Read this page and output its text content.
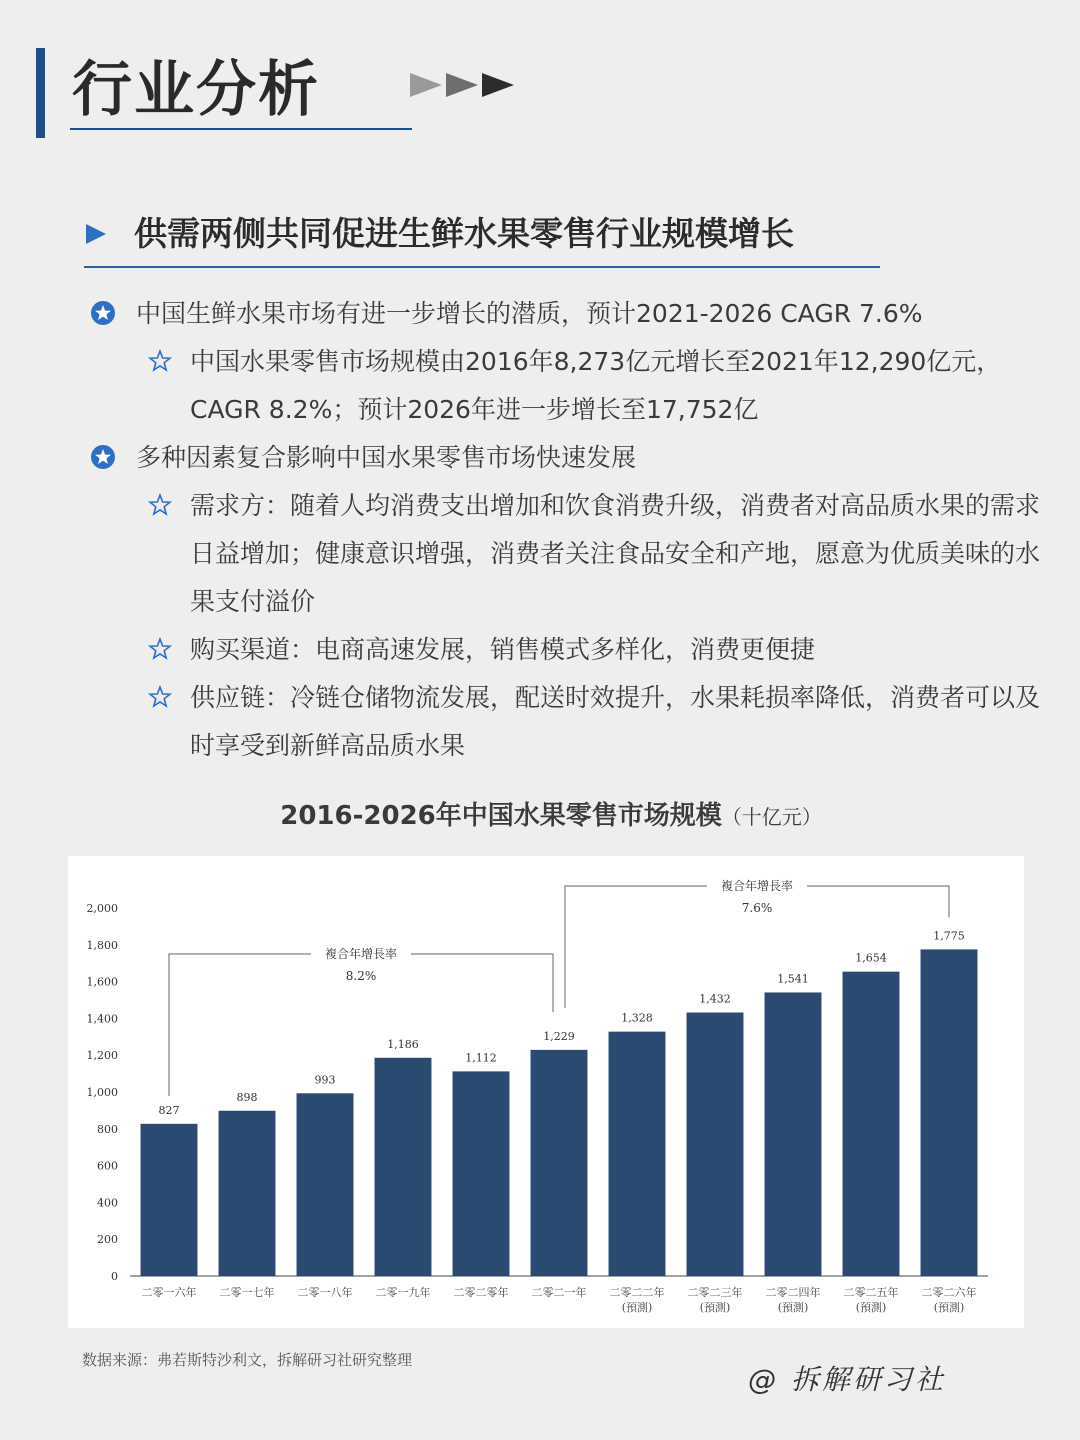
行业分析
供需两侧共同促进生鲜水果零售行业规模增长
中国生鲜水果市场有进一步增长的潜质，预计2021-2026 CAGR 7.6%
中国水果零售市场规模由2016年8,273亿元增长至2021年12,290亿元，CAGR 8.2%；预计2026年进一步增长至17,752亿
多种因素复合影响中国水果零售市场快速发展
需求方：随着人均消费支出增加和饮食消费升级，消费者对高品质水果的需求日益增加；健康意识增强，消费者关注食品安全和产地，愿意为优质美味的水果支付溢价
购买渠道：电商高速发展，销售模式多样化，消费更便捷
供应链：冷链仓储物流发展，配送时效提升，水果耗损率降低，消费者可以及时享受到新鲜高品质水果
2016-2026年中国水果零售市场规模（十亿元）
0
200
400
600
800
1,000
1,200
1,400
1,600
1,800
2,000
827
二零一六年
898
二零一七年
993
二零一八年
1,186
二零一九年
1,112
二零二零年
1,229
二零二一年
1,328
二零二二年
(預測)
1,432
二零二三年
(預測)
1,541
二零二四年
(預測)
1,654
二零二五年
(預測)
1,775
二零二六年
(預測)
複合年增長率
8.2%
複合年增長率
7.6%
数据来源：弗若斯特沙利文，拆解研习社研究整理
@ 拆解研习社
